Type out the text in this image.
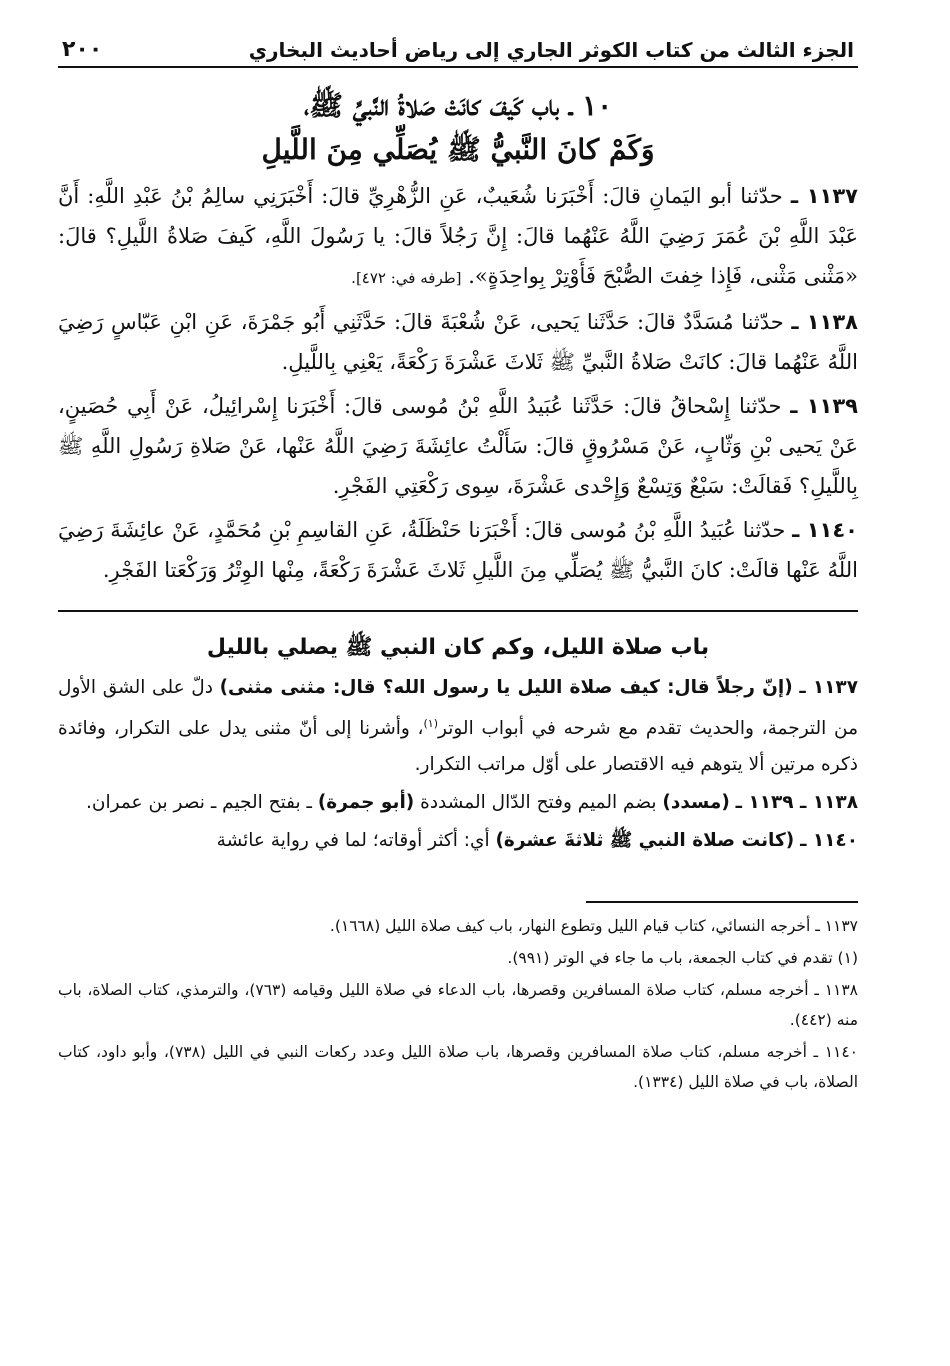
الجزء الثالث من كتاب الكوثر الجاري إلى رياض أحاديث البخاري
٢٠٠
١٠ ـ باب كَيفَ كانَتْ صَلاةُ النَّبيِّ ﷺ،
وَكَمْ كانَ النَّبيُّ ﷺ يُصَلِّي مِنَ اللَّيلِ
١١٣٧ ـ حدّثنا أبو اليَمانِ قالَ: أَخْبَرَنا شُعَيبٌ، عَنِ الزُّهْرِيِّ قالَ: أَخْبَرَنِي سالِمُ بْنُ عَبْدِ اللَّهِ: أَنَّ عَبْدَ اللَّهِ بْنَ عُمَرَ رَضِيَ اللَّهُ عَنْهُما قالَ: إِنَّ رَجُلاً قالَ: يا رَسُولَ اللَّهِ، كَيفَ صَلاةُ اللَّيلِ؟ قالَ: «مَثْنى مَثْنى، فَإِذا خِفتَ الصُّبْحَ فَأَوْتِرْ بِواحِدَةٍ». [طرفه في: ٤٧٢].
١١٣٨ ـ حدّثنا مُسَدَّدٌ قالَ: حَدَّثَنا يَحيى، عَنْ شُعْبَةَ قالَ: حَدَّثَنِي أَبُو جَمْرَةَ، عَنِ ابْنِ عَبّاسٍ رَضِيَ اللَّهُ عَنْهُما قالَ: كانَتْ صَلاةُ النَّبيِّ ﷺ ثَلاثَ عَشْرَةَ رَكْعَةً، يَعْنِي بِاللَّيلِ.
١١٣٩ ـ حدّثنا إِسْحاقُ قالَ: حَدَّثَنا عُبَيدُ اللَّهِ بْنُ مُوسى قالَ: أَخْبَرَنا إِسْرائِيلُ، عَنْ أَبِي حُصَينٍ، عَنْ يَحيى بْنِ وَثّابٍ، عَنْ مَسْرُوقٍ قالَ: سَأَلْتُ عائِشَةَ رَضِيَ اللَّهُ عَنْها، عَنْ صَلاةِ رَسُولِ اللَّهِ ﷺ بِاللَّيلِ؟ فَقالَتْ: سَبْعٌ وَتِسْعٌ وَإِحْدى عَشْرَةَ، سِوى رَكْعَتِي الفَجْرِ.
١١٤٠ ـ حدّثنا عُبَيدُ اللَّهِ بْنُ مُوسى قالَ: أَخْبَرَنا حَنْظَلَةُ، عَنِ القاسِمِ بْنِ مُحَمَّدٍ، عَنْ عائِشَةَ رَضِيَ اللَّهُ عَنْها قالَتْ: كانَ النَّبيُّ ﷺ يُصَلِّي مِنَ اللَّيلِ ثَلاثَ عَشْرَةَ رَكْعَةً، مِنْها الوِتْرُ وَرَكْعَتا الفَجْرِ.
باب صلاة الليل، وكم كان النبي ﷺ يصلي بالليل
١١٣٧ ـ (إنّ رجلاً قال: كيف صلاة الليل يا رسول الله؟ قال: مثنى مثنى) دلّ على الشق الأول من الترجمة، والحديث تقدم مع شرحه في أبواب الوتر$^{(١)}$، وأشرنا إلى أنّ مثنى يدل على التكرار، وفائدة ذكره مرتين ألا يتوهم فيه الاقتصار على أوّل مراتب التكرار.
١١٣٨ ـ ١١٣٩ ـ (مسدد) بضم الميم وفتح الدّال المشددة (أبو جمرة) ـ بفتح الجيم ـ نصر بن عمران.
١١٤٠ ـ (كانت صلاة النبي ﷺ ثلاثةَ عشرة) أي: أكثر أوقاته؛ لما في رواية عائشة
١١٣٧ ـ أخرجه النسائي، كتاب قيام الليل وتطوع النهار، باب كيف صلاة الليل (١٦٦٨).
(١) تقدم في كتاب الجمعة، باب ما جاء في الوتر (٩٩١).
١١٣٨ ـ أخرجه مسلم، كتاب صلاة المسافرين وقصرها، باب الدعاء في صلاة الليل وقيامه (٧٦٣)، والترمذي، كتاب الصلاة، باب منه (٤٤٢).
١١٤٠ ـ أخرجه مسلم، كتاب صلاة المسافرين وقصرها، باب صلاة الليل وعدد ركعات النبي في الليل (٧٣٨)، وأبو داود، كتاب الصلاة، باب في صلاة الليل (١٣٣٤).
